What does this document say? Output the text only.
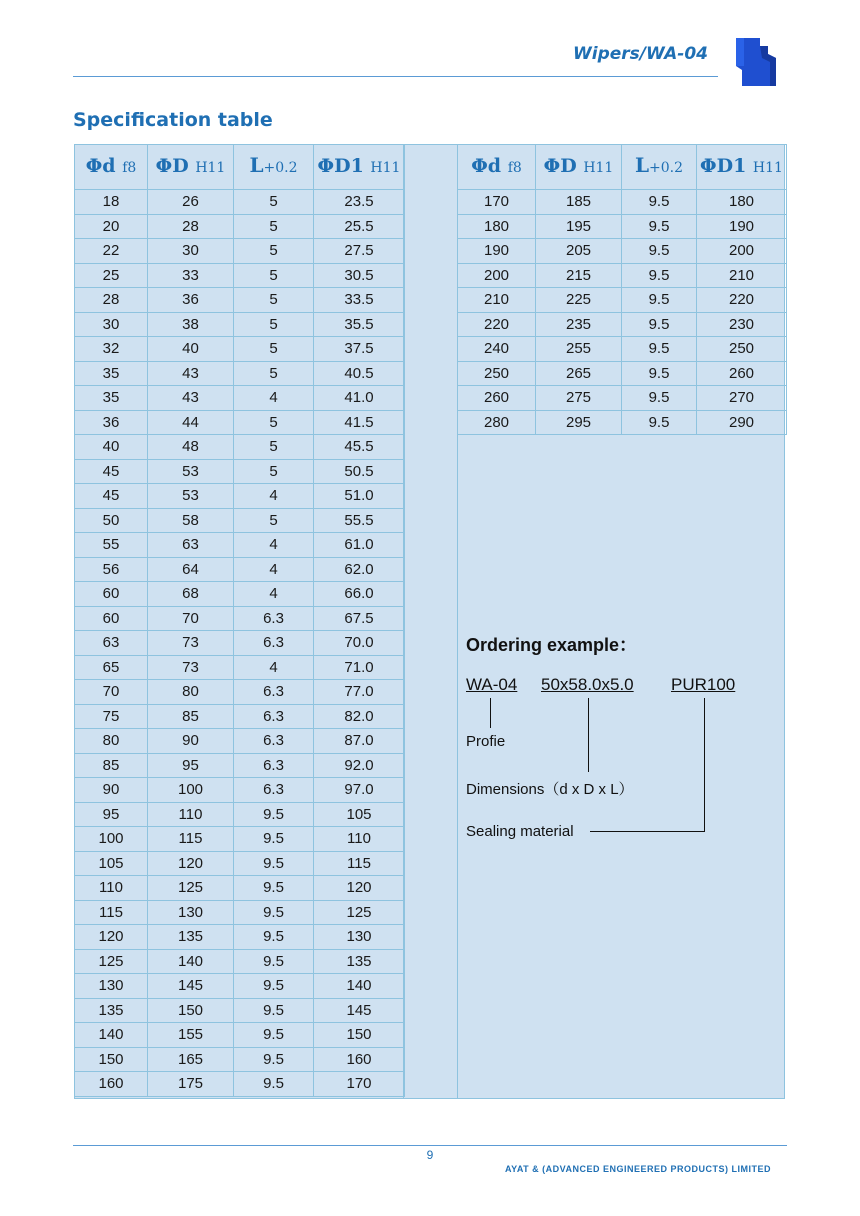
Wipers/WA-04
Specification table
Φd f8	ΦD H11	L+0.2	ΦD1 H11
18	26	5	23.5
20	28	5	25.5
22	30	5	27.5
25	33	5	30.5
28	36	5	33.5
30	38	5	35.5
32	40	5	37.5
35	43	5	40.5
35	43	4	41.0
36	44	5	41.5
40	48	5	45.5
45	53	5	50.5
45	53	4	51.0
50	58	5	55.5
55	63	4	61.0
56	64	4	62.0
60	68	4	66.0
60	70	6.3	67.5
63	73	6.3	70.0
65	73	4	71.0
70	80	6.3	77.0
75	85	6.3	82.0
80	90	6.3	87.0
85	95	6.3	92.0
90	100	6.3	97.0
95	110	9.5	105
100	115	9.5	110
105	120	9.5	115
110	125	9.5	120
115	130	9.5	125
120	135	9.5	130
125	140	9.5	135
130	145	9.5	140
135	150	9.5	145
140	155	9.5	150
150	165	9.5	160
160	175	9.5	170
Φd f8	ΦD H11	L+0.2	ΦD1 H11
170	185	9.5	180
180	195	9.5	190
190	205	9.5	200
200	215	9.5	210
210	225	9.5	220
220	235	9.5	230
240	255	9.5	250
250	265	9.5	260
260	275	9.5	270
280	295	9.5	290
Ordering example：
WA-04 50x58.0x5.0 PUR100
Profie
Dimensions（d x D x L）
Sealing material
9
AYAT & (ADVANCED ENGINEERED PRODUCTS) LIMITED
